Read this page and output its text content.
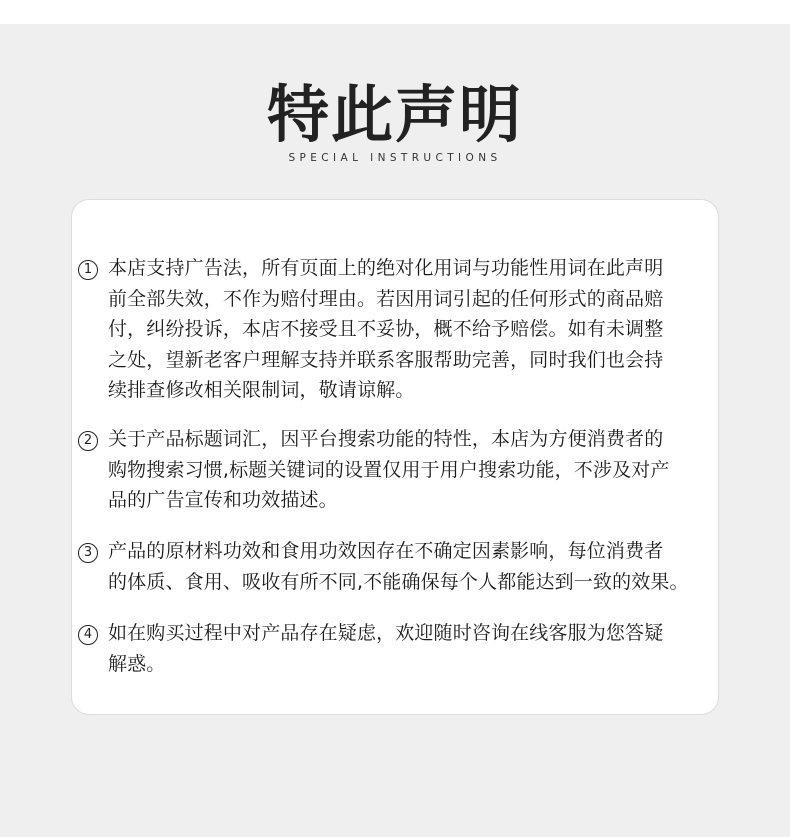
特此声明
SPECIAL INSTRUCTIONS
1 本店支持广告法，所有页面上的绝对化用词与功能性用词在此声明
前全部失效，不作为赔付理由。若因用词引起的任何形式的商品赔
付，纠纷投诉，本店不接受且不妥协，概不给予赔偿。如有未调整
之处，望新老客户理解支持并联系客服帮助完善，同时我们也会持
续排查修改相关限制词，敬请谅解。
2 关于产品标题词汇，因平台搜索功能的特性，本店为方便消费者的
购物搜索习惯,标题关键词的设置仅用于用户搜索功能，不涉及对产
品的广告宣传和功效描述。
3 产品的原材料功效和食用功效因存在不确定因素影响，每位消费者
的体质、食用、吸收有所不同,不能确保每个人都能达到一致的效果。
4 如在购买过程中对产品存在疑虑，欢迎随时咨询在线客服为您答疑
解惑。
